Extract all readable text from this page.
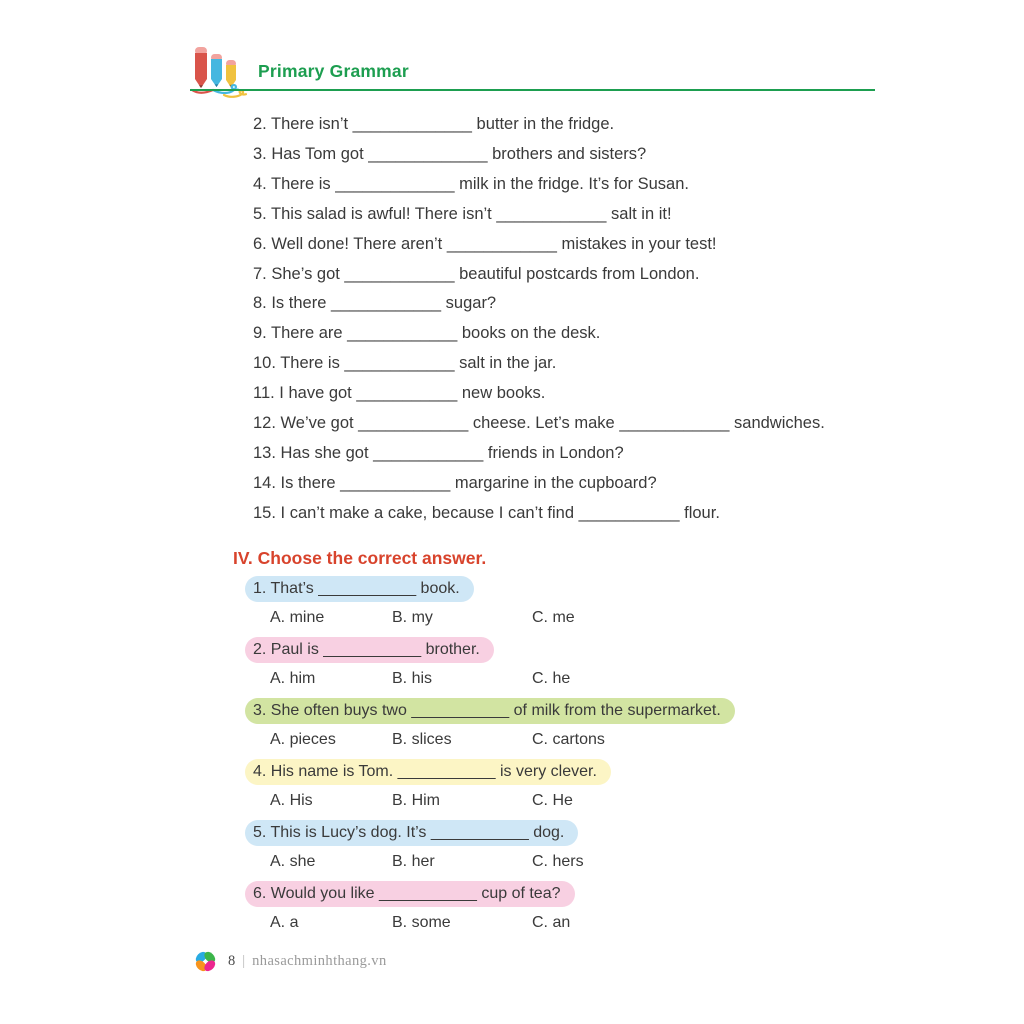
Primary Grammar
2. There isn’t _____________ butter in the fridge.
3. Has Tom got _____________ brothers and sisters?
4. There is _____________ milk in the fridge. It’s for Susan.
5. This salad is awful! There isn’t ____________ salt in it!
6. Well done! There aren’t ____________ mistakes in your test!
7. She’s got ____________ beautiful postcards from London.
8. Is there ____________ sugar?
9. There are ____________ books on the desk.
10. There is ____________ salt in the jar.
11. I have got ___________ new books.
12. We’ve got ____________ cheese. Let’s make ____________ sandwiches.
13. Has she got ____________ friends in London?
14. Is there ____________ margarine in the cupboard?
15. I can’t make a cake, because I can’t find ___________ flour.
IV. Choose the correct answer.
1. That’s ___________ book.
A. mine	B. my	C. me
2. Paul is ___________ brother.
A. him	B. his	C. he
3. She often buys two ___________ of milk from the supermarket.
A. pieces	B. slices	C. cartons
4. His name is Tom. ___________ is very clever.
A. His	B. Him	C. He
5. This is Lucy’s dog. It’s ___________ dog.
A. she	B. her	C. hers
6. Would you like ___________ cup of tea?
A. a	B. some	C. an
8 | nhasachminhthang.vn
